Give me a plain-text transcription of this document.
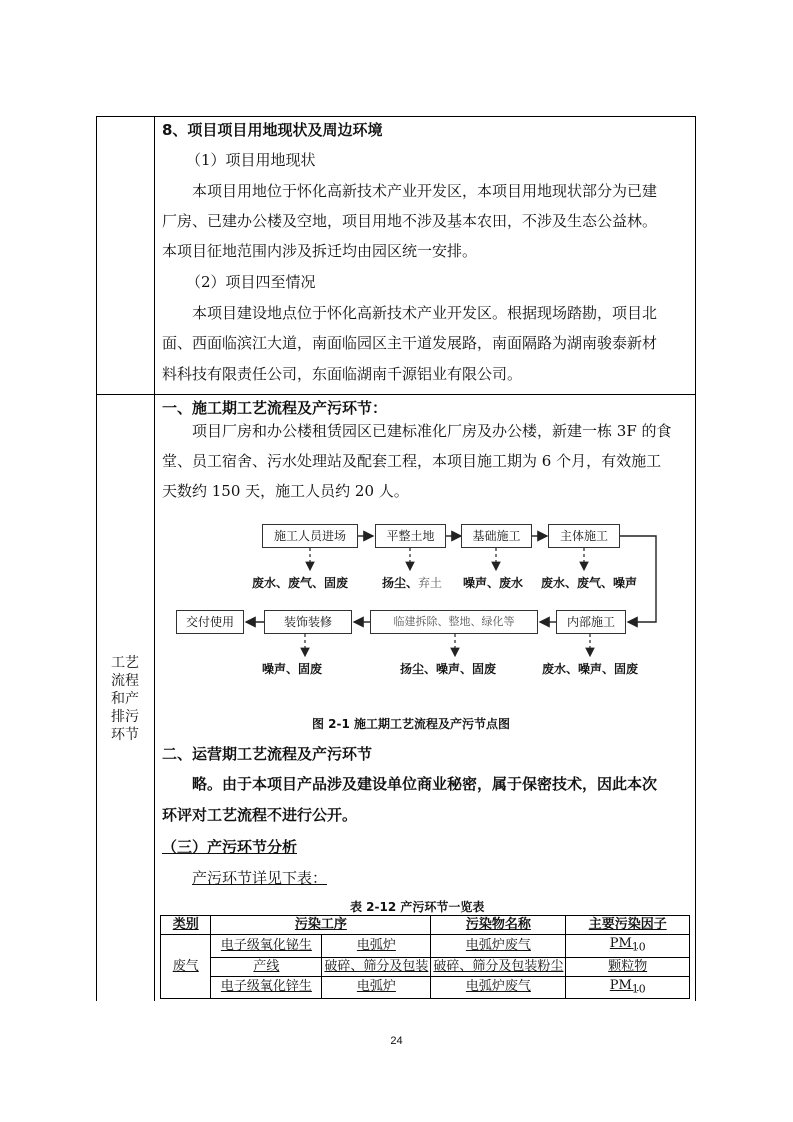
工艺
流程
和产
排污
环节
8、项目项目用地现状及周边环境
（1）项目用地现状
本项目用地位于怀化高新技术产业开发区，本项目用地现状部分为已建
厂房、已建办公楼及空地，项目用地不涉及基本农田，不涉及生态公益林。
本项目征地范围内涉及拆迁均由园区统一安排。
（2）项目四至情况
本项目建设地点位于怀化高新技术产业开发区。根据现场踏勘，项目北
面、西面临滨江大道，南面临园区主干道发展路，南面隔路为湖南骏泰新材
料科技有限责任公司，东面临湖南千源铝业有限公司。
一、施工期工艺流程及产污环节：
项目厂房和办公楼租赁园区已建标准化厂房及办公楼，新建一栋 3F 的食
堂、员工宿舍、污水处理站及配套工程，本项目施工期为 6 个月，有效施工
天数约 150 天，施工人员约 20 人。
施工人员进场	平整土地	基础施工	主体施工
废水、废气、固废	扬尘、弃土 噪声、废水 废水、废气、噪声
交付使用	装饰装修	临建拆除、整地、绿化等	内部施工
噪声、固废	扬尘、噪声、固废	废水、噪声、固废
图 2-1 施工期工艺流程及产污节点图
二、运营期工艺流程及产污环节
略。由于本项目产品涉及建设单位商业秘密，属于保密技术，因此本次
环评对工艺流程不进行公开。
（三）产污环节分析
产污环节详见下表：
表 2-12 产污环节一览表
类别	污染工序		污染物名称	主要污染因子
废气	电子级氧化铋生	电弧炉	电弧炉废气	$PM_{10}$
	产线	破碎、筛分及包装	破碎、筛分及包装粉尘	颗粒物
	电子级氧化锌生	电弧炉	电弧炉废气	$PM_{10}$
24
